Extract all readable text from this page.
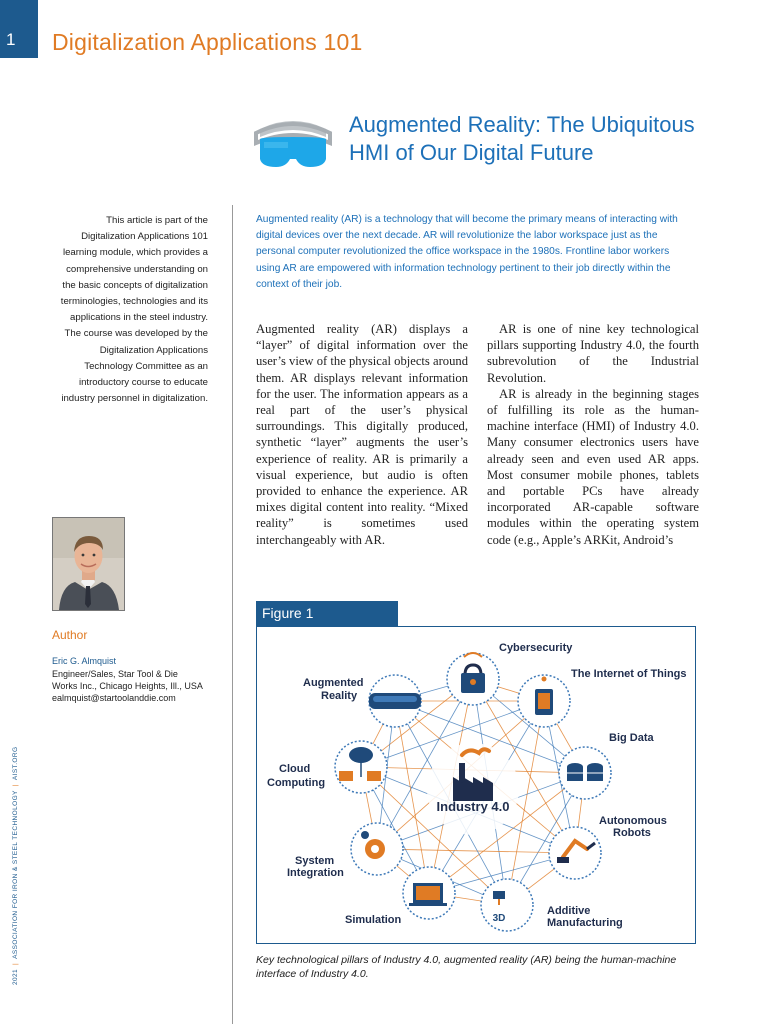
1 Digitalization Applications 101
2021|ASSOCIATION FOR IRON & STEEL TECHNOLOGY|AIST.ORG
Augmented Reality: The Ubiquitous
HMI of Our Digital Future
This article is part of the Digitalization Applications 101 learning module, which provides a comprehensive understanding on the basic concepts of digitalization terminologies, technologies and its applications in the steel industry. The course was developed by the Digitalization Applications Technology Committee as an introductory course to educate industry personnel in digitalization.
Author
Eric G. Almquist
Engineer/Sales, Star Tool & Die
Works Inc., Chicago Heights, Ill., USA
ealmquist@startoolanddie.com
Augmented reality (AR) is a technology that will become the primary means of interacting with digital devices over the next decade. AR will revolutionize the labor workspace just as the personal computer revolutionized the office workspace in the 1980s. Frontline labor workers using AR are empowered with information technology pertinent to their job directly within the context of their job.

Augmented reality (AR) displays a “layer” of digital information over the user’s view of the physical objects around them. AR displays relevant information for the user. The information appears as a real part of the user’s physical surroundings. This digitally produced, synthetic “layer” augments the user’s experience of reality. AR is primarily a visual experience, but audio is often provided to enhance the experience. AR mixes digital content into reality. “Mixed reality” is sometimes used interchangeably with AR.

AR is one of nine key technological pillars supporting Industry 4.0, the fourth subrevolution of the Industrial Revolution.

AR is already in the beginning stages of fulfilling its role as the human-machine interface (HMI) of Industry 4.0. Many consumer electronics users have already seen and even used AR apps. Most consumer mobile phones, tablets and portable PCs have already incorporated AR-capable software modules within the operating system code (e.g., Apple’s ARKit, Android’s

Figure 1
Industry 4.0
Cybersecurity
The Internet of Things
Big Data
Autonomous
Robots
Additive
Manufacturing
Simulation
System
Integration
Cloud
Computing
Augmented
Reality
3D
Key technological pillars of Industry 4.0, augmented reality (AR) being the human-machine interface of Industry 4.0.
